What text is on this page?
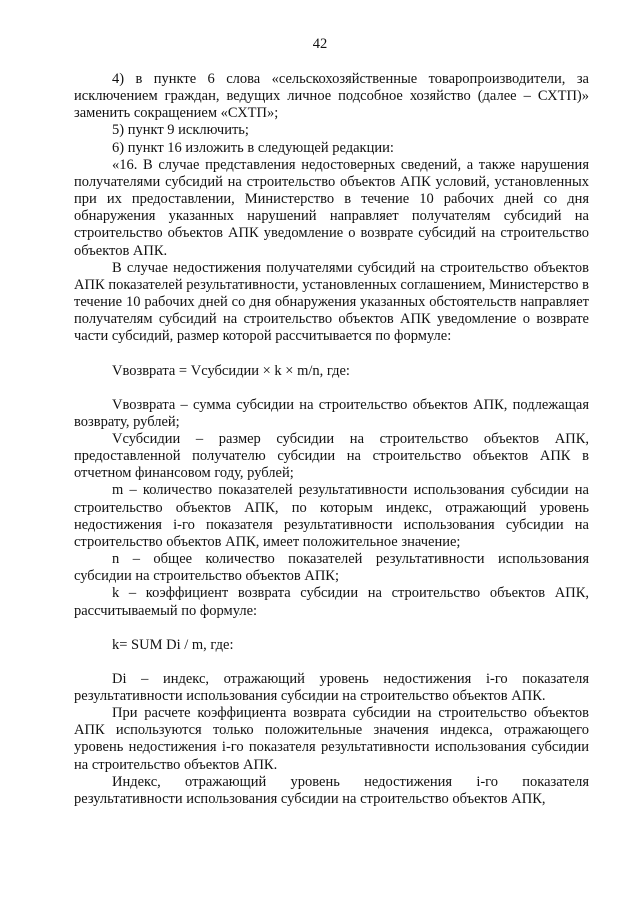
42

4) в пункте 6 слова «сельскохозяйственные товаропроизводители, за исключением граждан, ведущих личное подсобное хозяйство (далее – СХТП)» заменить сокращением «СХТП»;

5) пункт 9 исключить;

6) пункт 16 изложить в следующей редакции:

«16. В случае представления недостоверных сведений, а также нарушения получателями субсидий на строительство объектов АПК условий, установленных при их предоставлении, Министерство в течение 10 рабочих дней со дня обнаружения указанных нарушений направляет получателям субсидий на строительство объектов АПК уведомление о возврате субсидий на строительство объектов АПК.

В случае недостижения получателями субсидий на строительство объектов АПК показателей результативности, установленных соглашением, Министерство в течение 10 рабочих дней со дня обнаружения указанных обстоятельств направляет получателям субсидий на строительство объектов АПК уведомление о возврате части субсидий, размер которой рассчитывается по формуле:

Vвозврата = Vсубсидии × k × m/n, где:

Vвозврата – сумма субсидии на строительство объектов АПК, подлежащая возврату, рублей;

Vсубсидии – размер субсидии на строительство объектов АПК, предоставленной получателю субсидии на строительство объектов АПК в отчетном финансовом году, рублей;

m – количество показателей результативности использования субсидии на строительство объектов АПК, по которым индекс, отражающий уровень недостижения i-го показателя результативности использования субсидии на строительство объектов АПК, имеет положительное значение;

n – общее количество показателей результативности использования субсидии на строительство объектов АПК;

k – коэффициент возврата субсидии на строительство объектов АПК, рассчитываемый по формуле:

k= SUM Di / m, где:

Di – индекс, отражающий уровень недостижения i-го показателя результативности использования субсидии на строительство объектов АПК.

При расчете коэффициента возврата субсидии на строительство объектов АПК используются только положительные значения индекса, отражающего уровень недостижения i-го показателя результативности использования субсидии на строительство объектов АПК.

Индекс, отражающий уровень недостижения i-го показателя результативности использования субсидии на строительство объектов АПК,
